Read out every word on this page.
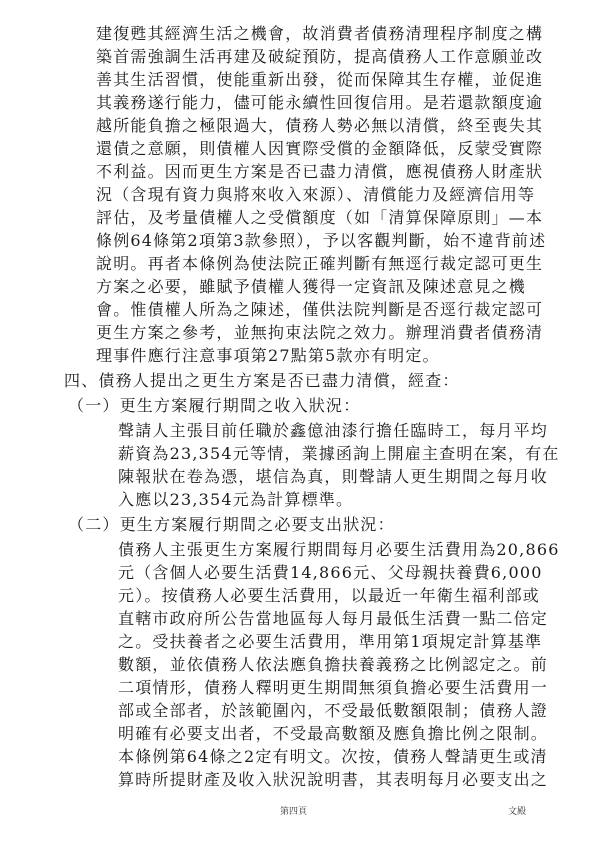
建復甦其經濟生活之機會，故消費者債務清理程序制度之構
築首需強調生活再建及破綻預防，提高債務人工作意願並改
善其生活習慣，使能重新出發，從而保障其生存權，並促進
其義務遂行能力，儘可能永續性回復信用。是若還款額度逾
越所能負擔之極限過大，債務人勢必無以清償，終至喪失其
還債之意願，則債權人因實際受償的金額降低，反蒙受實際
不利益。因而更生方案是否已盡力清償，應視債務人財產狀
況（含現有資力與將來收入來源）、清償能力及經濟信用等
評估，及考量債權人之受償額度（如「清算保障原則」—本
條例64條第2項第3款參照），予以客觀判斷，始不違背前述
說明。再者本條例為使法院正確判斷有無逕行裁定認可更生
方案之必要，雖賦予債權人獲得一定資訊及陳述意見之機
會。惟債權人所為之陳述，僅供法院判斷是否逕行裁定認可
更生方案之參考，並無拘束法院之效力。辦理消費者債務清
理事件應行注意事項第27點第5款亦有明定。
四、債務人提出之更生方案是否已盡力清償，經查：
（一）更生方案履行期間之收入狀況：
聲請人主張目前任職於鑫億油漆行擔任臨時工，每月平均
薪資為23,354元等情，業據函詢上開雇主查明在案，有在
陳報狀在卷為憑，堪信為真，則聲請人更生期間之每月收
入應以23,354元為計算標準。
（二）更生方案履行期間之必要支出狀況：
債務人主張更生方案履行期間每月必要生活費用為20,866
元（含個人必要生活費14,866元、父母親扶養費6,000
元）。按債務人必要生活費用，以最近一年衛生福利部或
直轄市政府所公告當地區每人每月最低生活費一點二倍定
之。受扶養者之必要生活費用，準用第1項規定計算基準
數額，並依債務人依法應負擔扶養義務之比例認定之。前
二項情形，債務人釋明更生期間無須負擔必要生活費用一
部或全部者，於該範圍內，不受最低數額限制；債務人證
明確有必要支出者，不受最高數額及應負擔比例之限制。
本條例第64條之2定有明文。次按，債務人聲請更生或清
算時所提財產及收入狀況說明書，其表明每月必要支出之
第四頁	文殿
